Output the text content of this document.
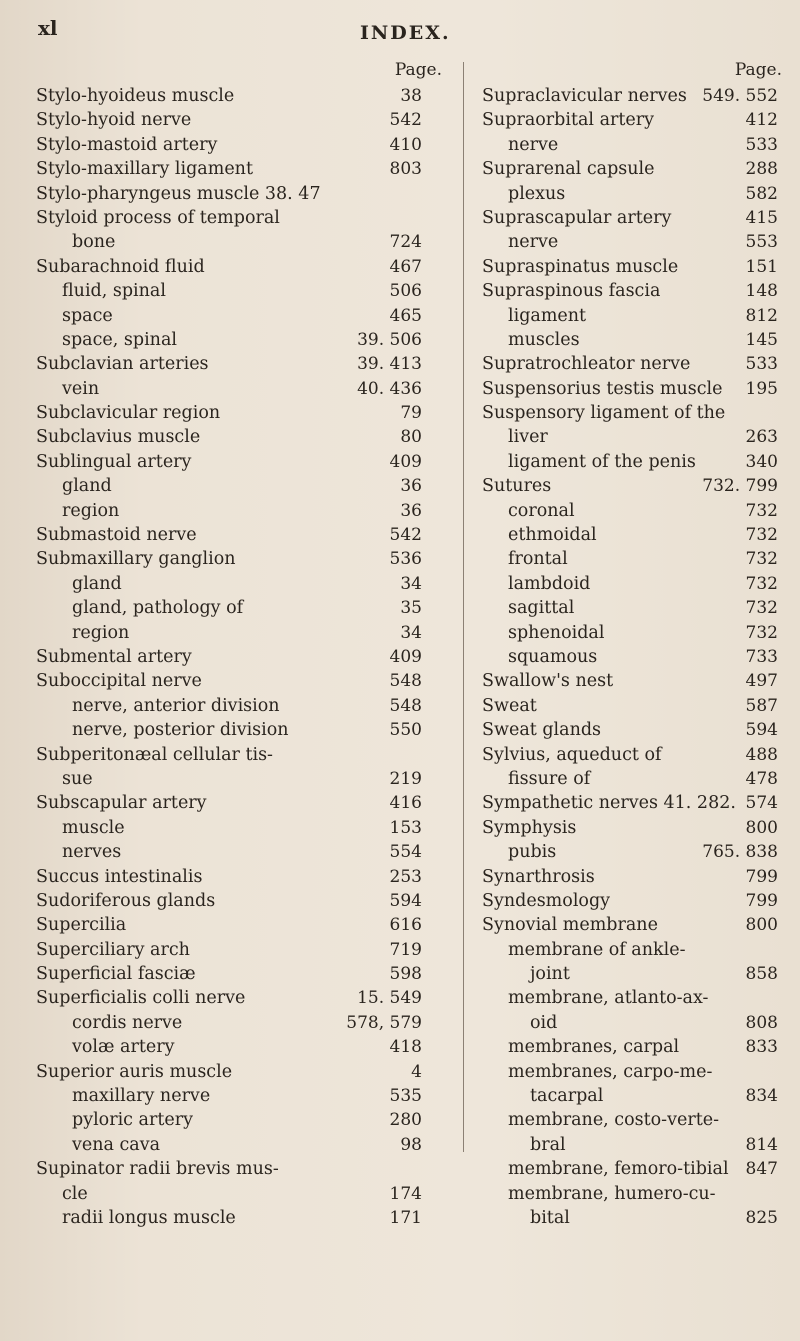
xl	INDEX.
Page.
Stylo-hyoideus muscle	38
Stylo-hyoid nerve	542
Stylo-mastoid artery	410
Stylo-maxillary ligament	803
Stylo-pharyngeus muscle 38. 47
Styloid process of temporal
bone	724
Subarachnoid fluid	467
fluid, spinal	506
space	465
space, spinal	39. 506
Subclavian arteries	39. 413
vein	40. 436
Subclavicular region	79
Subclavius muscle	80
Sublingual artery	409
gland	36
region	36
Submastoid nerve	542
Submaxillary ganglion	536
gland	34
gland, pathology of	35
region	34
Submental artery	409
Suboccipital nerve	548
nerve, anterior division	548
nerve, posterior division	550
Subperitonæal cellular tis-
sue	219
Subscapular artery	416
muscle	153
nerves	554
Succus intestinalis	253
Sudoriferous glands	594
Supercilia	616
Superciliary arch	719
Superficial fasciæ	598
Superficialis colli nerve	15. 549
cordis nerve	578, 579
volæ artery	418
Superior auris muscle	4
maxillary nerve	535
pyloric artery	280
vena cava	98
Supinator radii brevis mus-
cle	174
radii longus muscle	171
Page.
Supraclavicular nerves 549. 552
Supraorbital artery	412
nerve	533
Suprarenal capsule	288
plexus	582
Suprascapular artery	415
nerve	553
Supraspinatus muscle	151
Supraspinous fascia	148
ligament	812
muscles	145
Supratrochleator nerve	533
Suspensorius testis muscle 195
Suspensory ligament of the
liver	263
ligament of the penis	340
Sutures	732. 799
coronal	732
ethmoidal	732
frontal	732
lambdoid	732
sagittal	732
sphenoidal	732
squamous	733
Swallow's nest	497
Sweat	587
Sweat glands	594
Sylvius, aqueduct of	488
fissure of	478
Sympathetic nerves 41. 282. 574
Symphysis	800
pubis	765. 838
Synarthrosis	799
Syndesmology	799
Synovial membrane	800
membrane of ankle-
joint	858
membrane, atlanto-ax-
oid	808
membranes, carpal	833
membranes, carpo-me-
tacarpal	834
membrane, costo-verte-
bral	814
membrane, femoro-tibial 847
membrane, humero-cu-
bital	825
